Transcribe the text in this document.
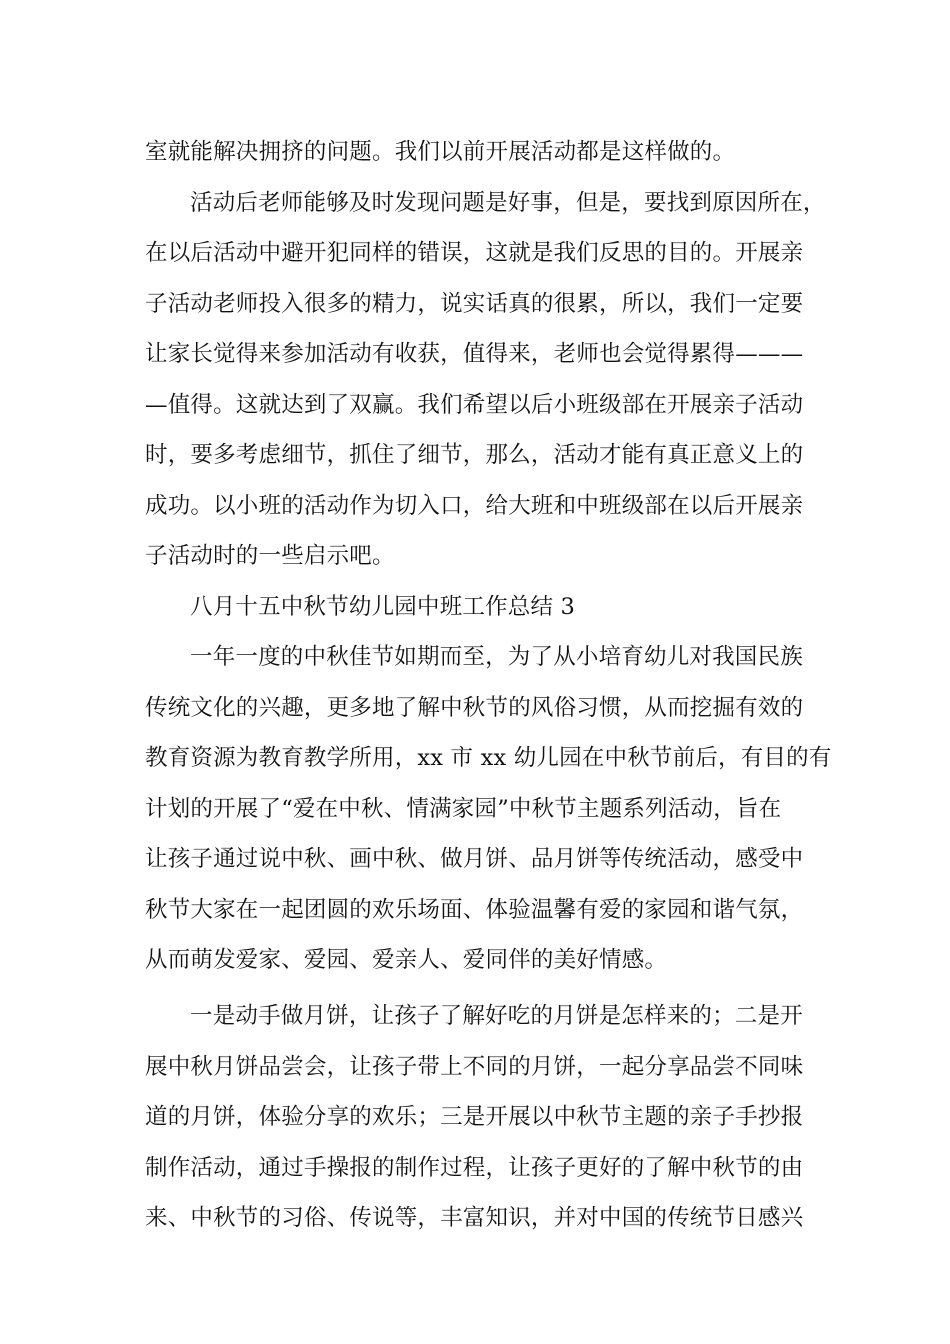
室就能解决拥挤的问题。我们以前开展活动都是这样做的。
活动后老师能够及时发现问题是好事，但是，要找到原因所在，
在以后活动中避开犯同样的错误，这就是我们反思的目的。开展亲
子活动老师投入很多的精力，说实话真的很累，所以，我们一定要
让家长觉得来参加活动有收获，值得来，老师也会觉得累得———
—值得。这就达到了双赢。我们希望以后小班级部在开展亲子活动
时，要多考虑细节，抓住了细节，那么，活动才能有真正意义上的
成功。以小班的活动作为切入口，给大班和中班级部在以后开展亲
子活动时的一些启示吧。
八月十五中秋节幼儿园中班工作总结 3
一年一度的中秋佳节如期而至，为了从小培育幼儿对我国民族
传统文化的兴趣，更多地了解中秋节的风俗习惯，从而挖掘有效的
教育资源为教育教学所用，xx 市 xx 幼儿园在中秋节前后，有目的有
计划的开展了“爱在中秋、情满家园”中秋节主题系列活动，旨在
让孩子通过说中秋、画中秋、做月饼、品月饼等传统活动，感受中
秋节大家在一起团圆的欢乐场面、体验温馨有爱的家园和谐气氛，
从而萌发爱家、爱园、爱亲人、爱同伴的美好情感。
一是动手做月饼，让孩子了解好吃的月饼是怎样来的；二是开
展中秋月饼品尝会，让孩子带上不同的月饼，一起分享品尝不同味
道的月饼，体验分享的欢乐；三是开展以中秋节主题的亲子手抄报
制作活动，通过手操报的制作过程，让孩子更好的了解中秋节的由
来、中秋节的习俗、传说等，丰富知识，并对中国的传统节日感兴
